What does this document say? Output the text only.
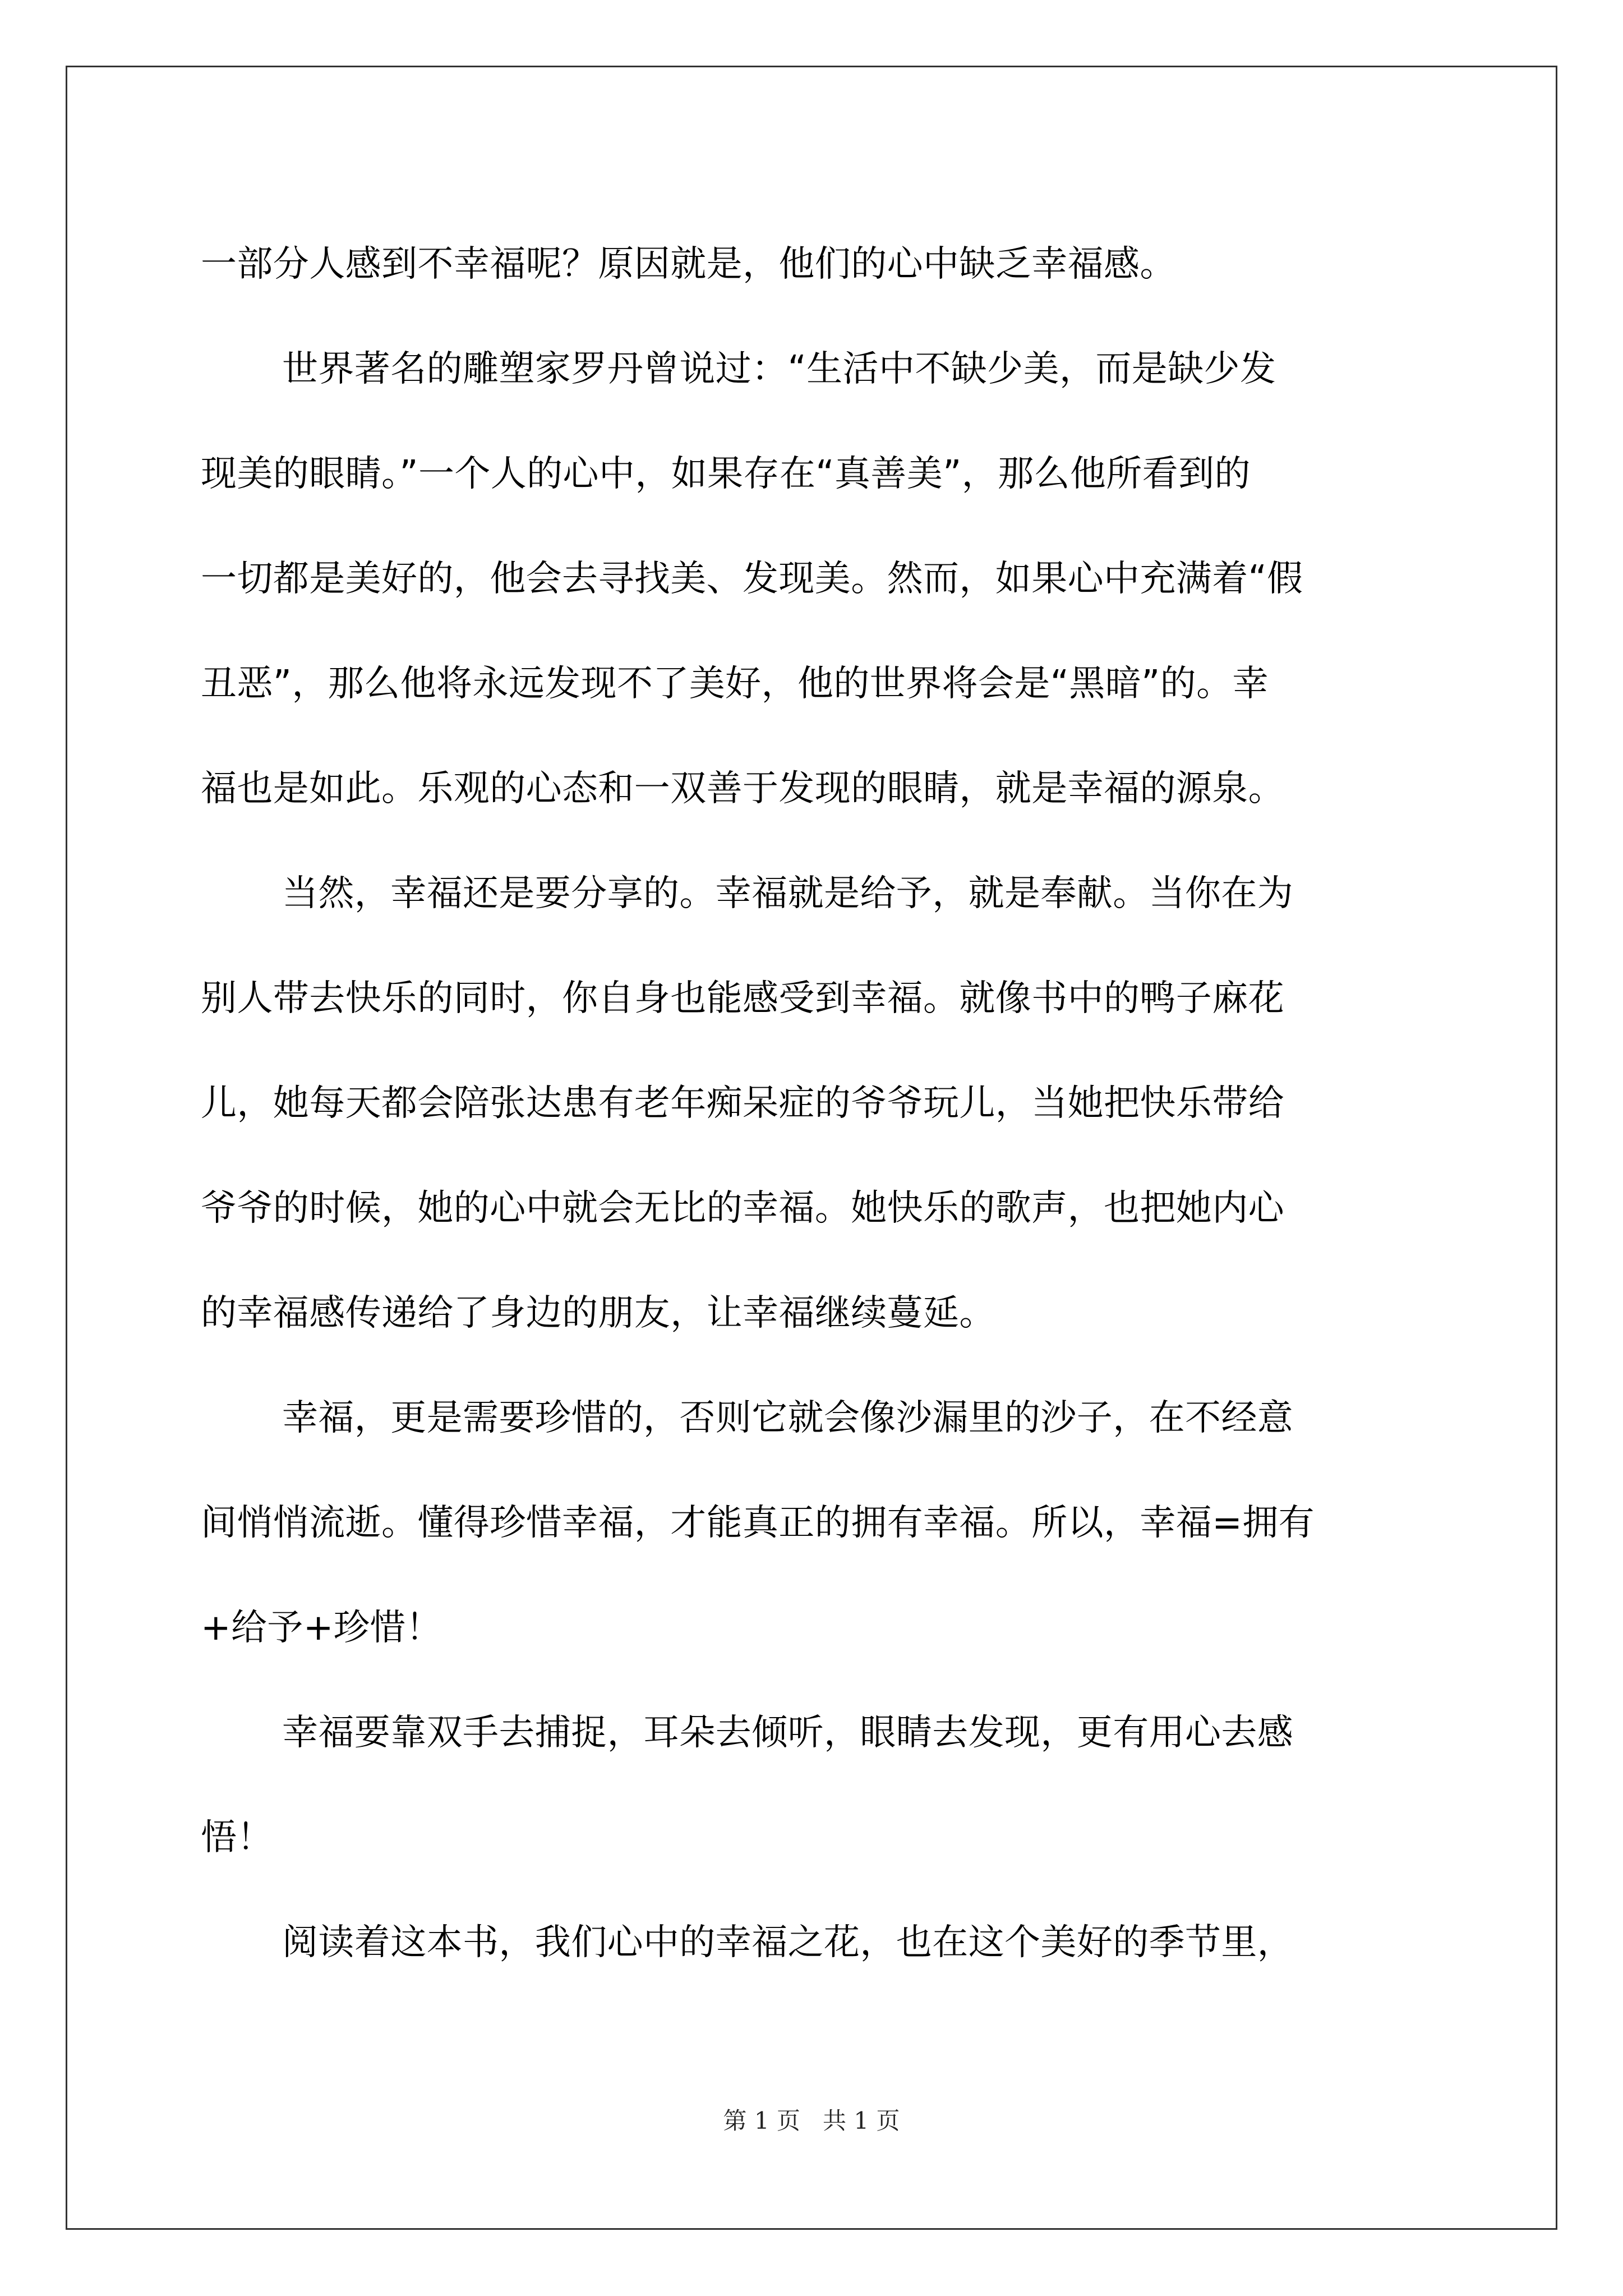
一部分人感到不幸福呢？原因就是，他们的心中缺乏幸福感。
世界著名的雕塑家罗丹曾说过：“生活中不缺少美，而是缺少发
现美的眼睛。”一个人的心中，如果存在“真善美”，那么他所看到的
一切都是美好的，他会去寻找美、发现美。然而，如果心中充满着“假
丑恶”，那么他将永远发现不了美好，他的世界将会是“黑暗”的。幸
福也是如此。乐观的心态和一双善于发现的眼睛，就是幸福的源泉。
当然，幸福还是要分享的。幸福就是给予，就是奉献。当你在为
别人带去快乐的同时，你自身也能感受到幸福。就像书中的鸭子麻花
儿，她每天都会陪张达患有老年痴呆症的爷爷玩儿，当她把快乐带给
爷爷的时候，她的心中就会无比的幸福。她快乐的歌声，也把她内心
的幸福感传递给了身边的朋友，让幸福继续蔓延。
幸福，更是需要珍惜的，否则它就会像沙漏里的沙子，在不经意
间悄悄流逝。懂得珍惜幸福，才能真正的拥有幸福。所以，幸福=拥有
+给予+珍惜！
幸福要靠双手去捕捉，耳朵去倾听，眼睛去发现，更有用心去感
悟！
阅读着这本书，我们心中的幸福之花，也在这个美好的季节里，
第 1 页 共 1 页
